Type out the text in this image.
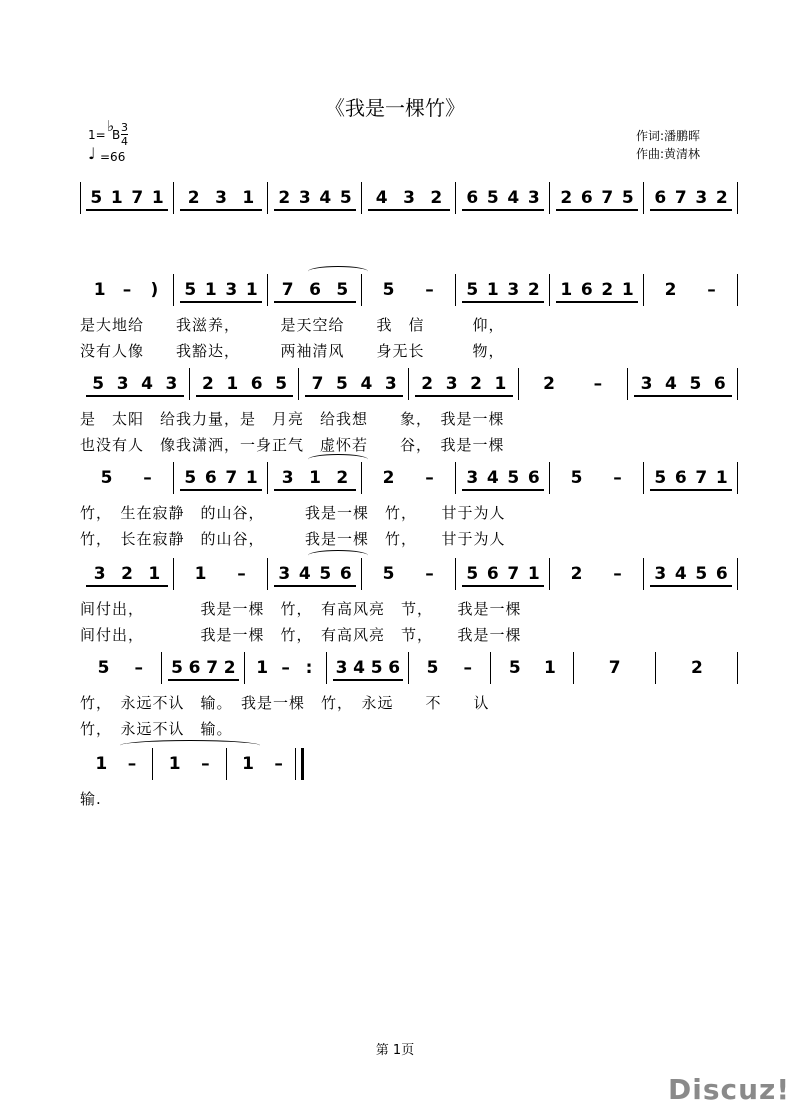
《我是一棵竹》
1= ♭
B
3
4
♩ =66
作词:潘鹏晖
作曲:黄清林
5 1 7 1 2 3 1 2 3 4 5 4 3 2 6 5 4 3 2 6 7 5 6 7 3 2
1 – ) 5 1 3 1 7 6 5 5 – 5 1 3 2 1 6 2 1 2 –
是大地给　　我滋养，　　　是天空给　　我　信　　　仰，
没有人像　　我豁达，　　　两袖清风　　身无长　　　物，
5 3 4 3 2 1 6 5 7 5 4 3 2 3 2 1 2 – 3 4 5 6
是　太阳　给我力量，是　月亮　给我想　　象，　我是一棵
也没有人　像我潇洒，一身正气　虚怀若　　谷，　我是一棵
5 – 5 6 7 1 3 1 2 2 – 3 4 5 6 5 – 5 6 7 1
竹，　生在寂静　的山谷，　　　我是一棵　竹，　　甘于为人
竹，　长在寂静　的山谷，　　　我是一棵　竹，　　甘于为人
3 2 1 1 – 3 4 5 6 5 – 5 6 7 1 2 – 3 4 5 6
间付出，　　　　我是一棵　竹，　有高风亮　节，　　我是一棵
间付出，　　　　我是一棵　竹，　有高风亮　节，　　我是一棵
5 – 5 6 7 2 1 – : 3 4 5 6 5 – 5 1	7	2
竹，　永远不认　输。　我是一棵　竹，　永远　　不　　认
竹，　永远不认　输。
1 – 1 – 1 –
输.
第 1页
Discuz!
